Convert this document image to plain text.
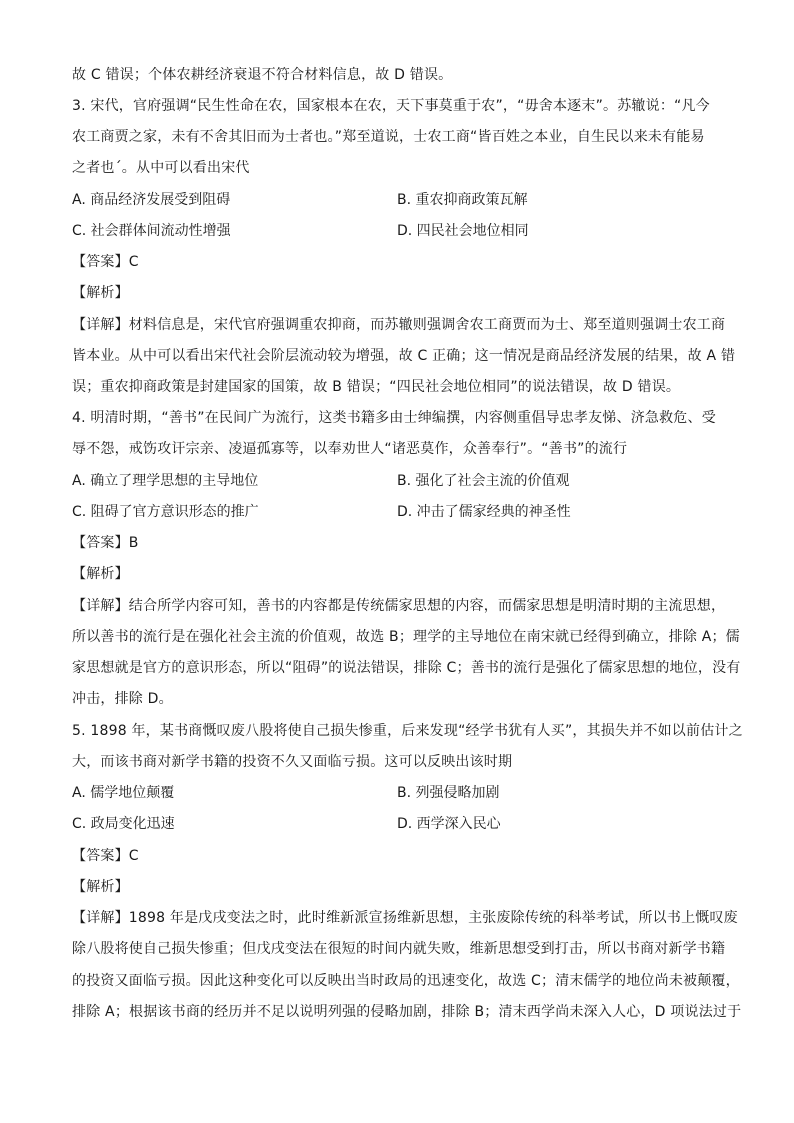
故 C 错误；个体农耕经济衰退不符合材料信息，故 D 错误。
3. 宋代，官府强调“民生性命在农，国家根本在农，天下事莫重于农”，“毋舍本逐末”。苏辙说：“凡今
农工商贾之家，未有不舍其旧而为士者也。”郑至道说，士农工商“皆百姓之本业，自生民以来未有能易
之者也ˊ。从中可以看出宋代
A. 商品经济发展受到阻碍	B. 重农抑商政策瓦解
C. 社会群体间流动性增强	D. 四民社会地位相同
【答案】C
【解析】
【详解】材料信息是，宋代官府强调重农抑商，而苏辙则强调舍农工商贾而为士、郑至道则强调士农工商
皆本业。从中可以看出宋代社会阶层流动较为增强，故 C 正确；这一情况是商品经济发展的结果，故 A 错
误；重农抑商政策是封建国家的国策，故 B 错误；“四民社会地位相同”的说法错误，故 D 错误。
4. 明清时期，“善书”在民间广为流行，这类书籍多由士绅编撰，内容侧重倡导忠孝友悌、济急救危、受
辱不怨，戒饬攻讦宗亲、凌逼孤寡等，以奉劝世人“诸恶莫作，众善奉行”。“善书”的流行
A. 确立了理学思想的主导地位	B. 强化了社会主流的价值观
C. 阻碍了官方意识形态的推广	D. 冲击了儒家经典的神圣性
【答案】B
【解析】
【详解】结合所学内容可知，善书的内容都是传统儒家思想的内容，而儒家思想是明清时期的主流思想，
所以善书的流行是在强化社会主流的价值观，故选 B；理学的主导地位在南宋就已经得到确立，排除 A；儒
家思想就是官方的意识形态，所以“阻碍”的说法错误，排除 C；善书的流行是强化了儒家思想的地位，没有
冲击，排除 D。
5. 1898 年，某书商慨叹废八股将使自己损失惨重，后来发现“经学书犹有人买”，其损失并不如以前估计之
大，而该书商对新学书籍的投资不久又面临亏损。这可以反映出该时期
A. 儒学地位颠覆	B. 列强侵略加剧
C. 政局变化迅速	D. 西学深入民心
【答案】C
【解析】
【详解】1898 年是戊戌变法之时，此时维新派宣扬维新思想，主张废除传统的科举考试，所以书上慨叹废
除八股将使自己损失惨重；但戊戌变法在很短的时间内就失败，维新思想受到打击，所以书商对新学书籍
的投资又面临亏损。因此这种变化可以反映出当时政局的迅速变化，故选 C；清末儒学的地位尚未被颠覆，
排除 A；根据该书商的经历并不足以说明列强的侵略加剧，排除 B；清末西学尚未深入人心，D 项说法过于
